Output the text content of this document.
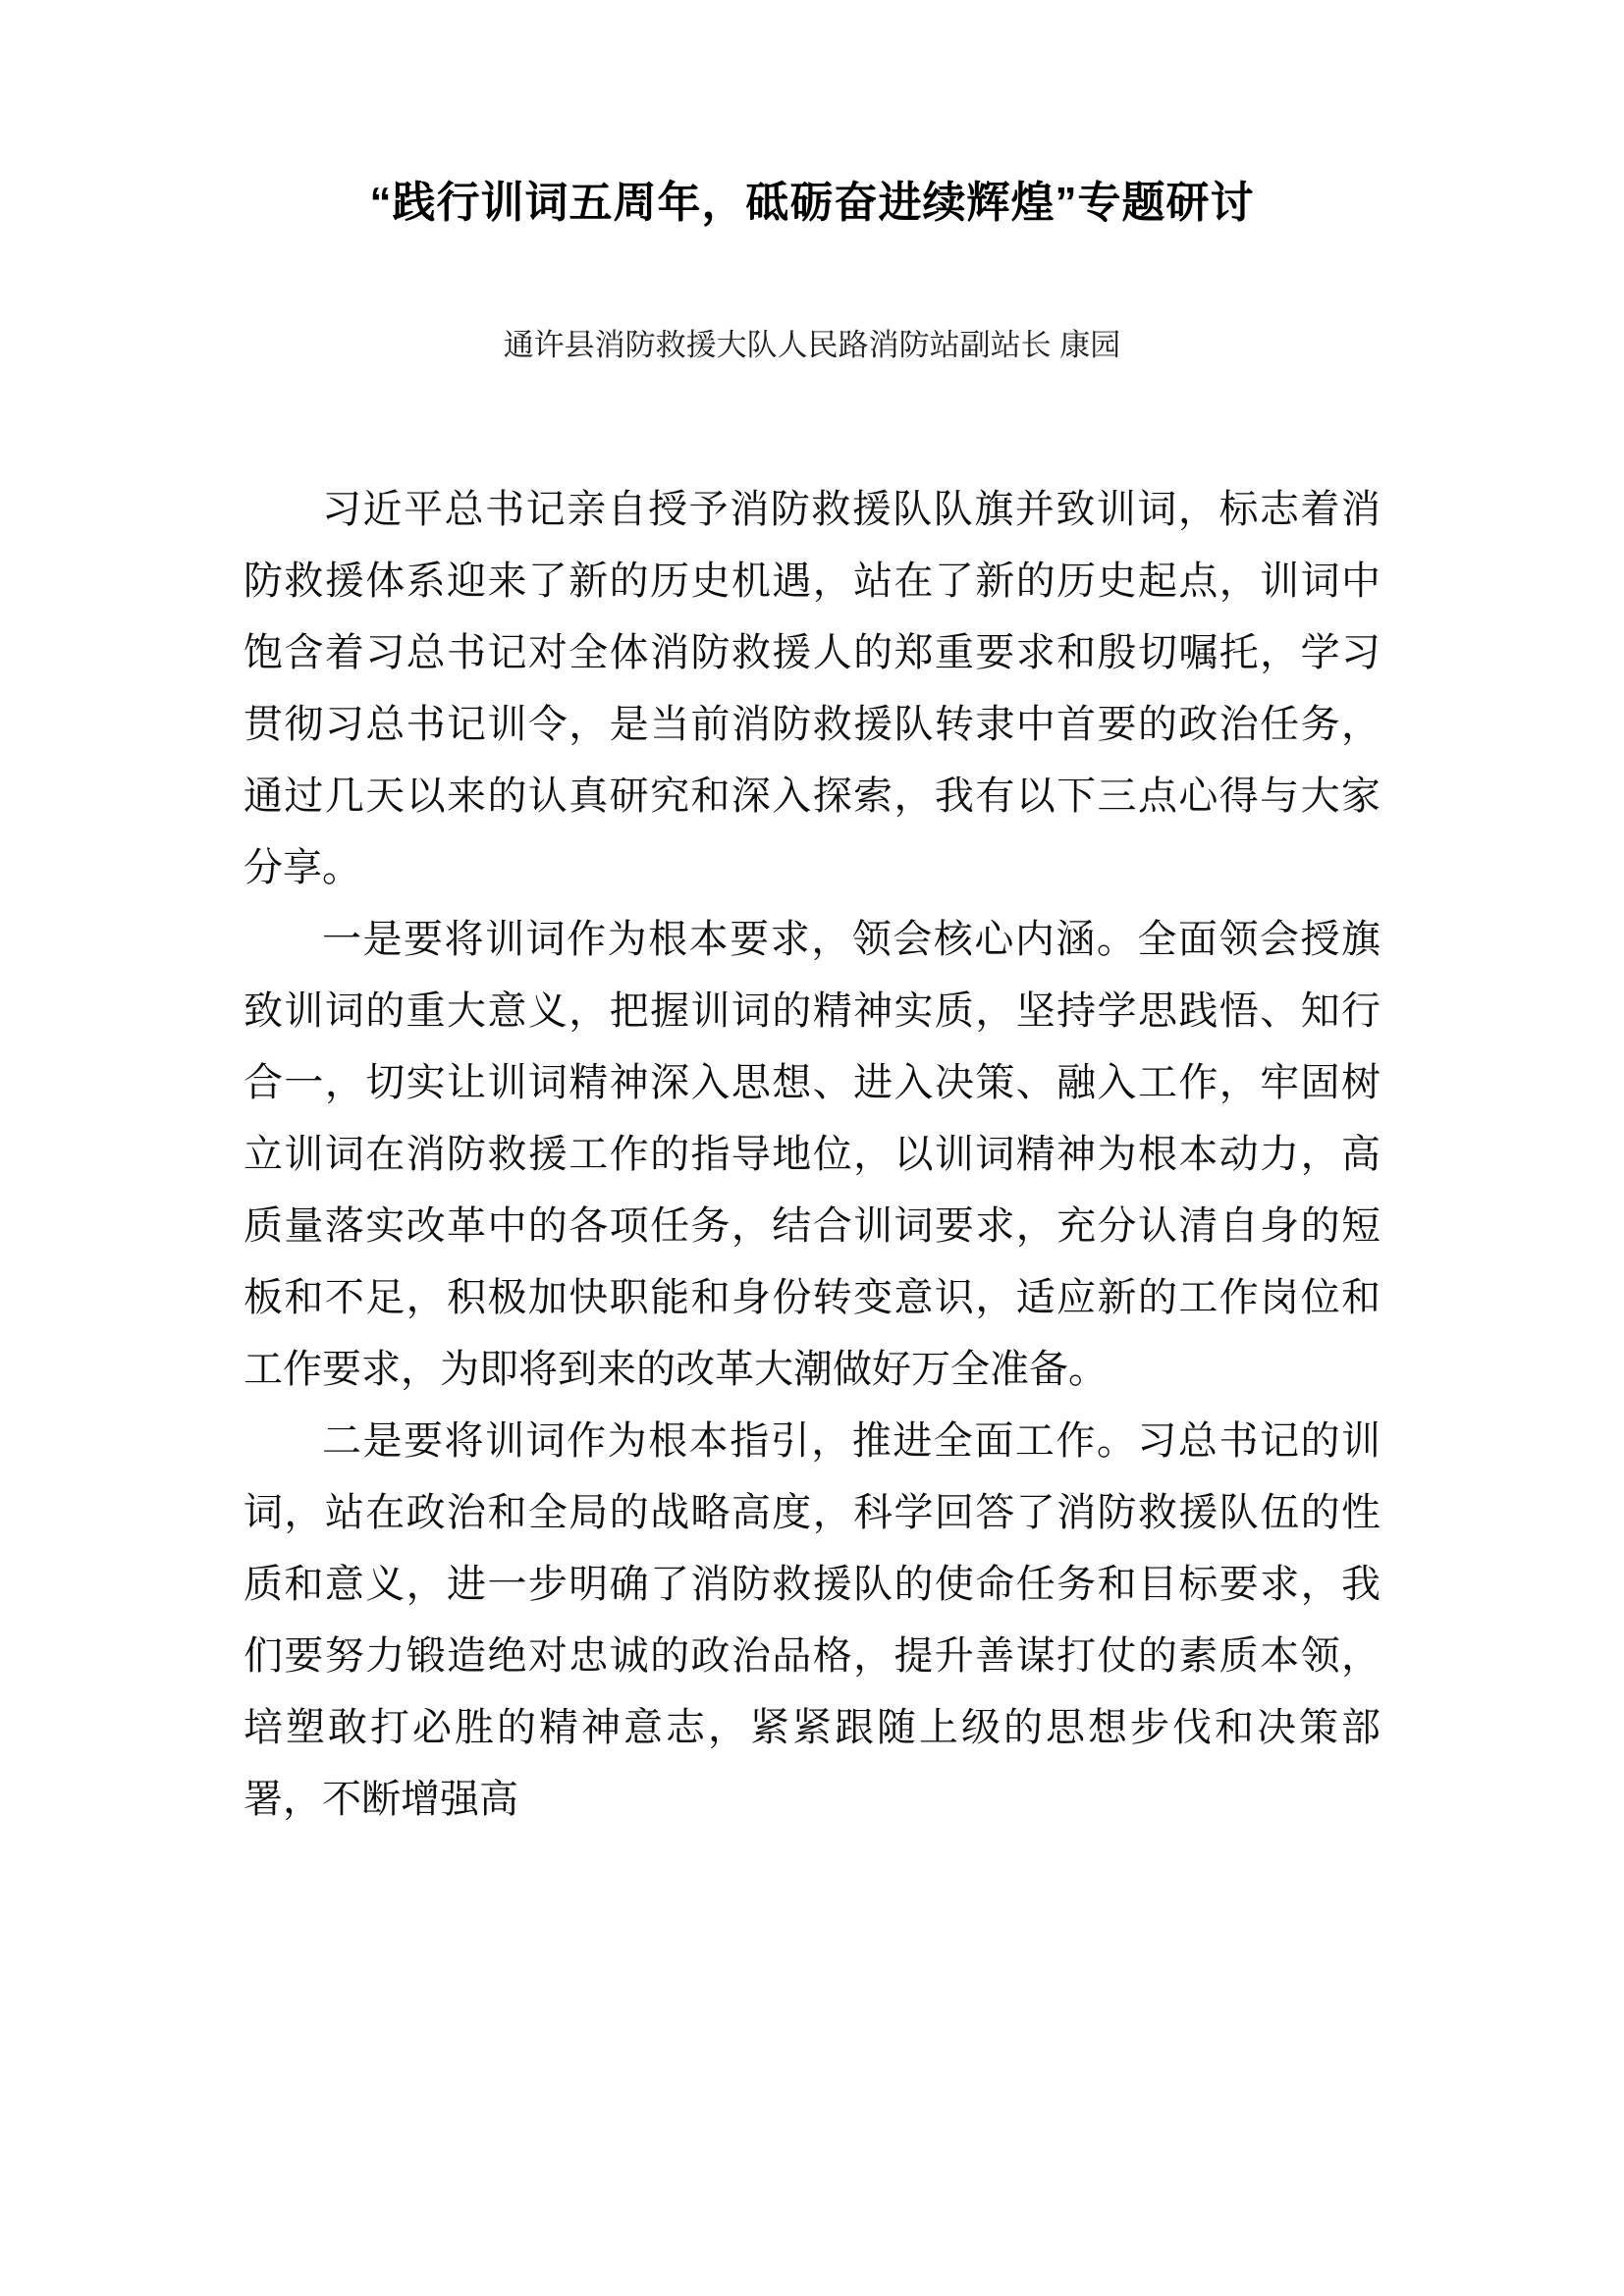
“践行训词五周年，砥砺奋进续辉煌”专题研讨

通许县消防救援大队人民路消防站副站长 康园

习近平总书记亲自授予消防救援队队旗并致训词，标志着消防救援体系迎来了新的历史机遇，站在了新的历史起点，训词中饱含着习总书记对全体消防救援人的郑重要求和殷切嘱托，学习贯彻习总书记训令，是当前消防救援队转隶中首要的政治任务，通过几天以来的认真研究和深入探索，我有以下三点心得与大家分享。

一是要将训词作为根本要求，领会核心内涵。全面领会授旗致训词的重大意义，把握训词的精神实质，坚持学思践悟、知行合一，切实让训词精神深入思想、进入决策、融入工作，牢固树立训词在消防救援工作的指导地位，以训词精神为根本动力，高质量落实改革中的各项任务，结合训词要求，充分认清自身的短板和不足，积极加快职能和身份转变意识，适应新的工作岗位和工作要求，为即将到来的改革大潮做好万全准备。

二是要将训词作为根本指引，推进全面工作。习总书记的训词，站在政治和全局的战略高度，科学回答了消防救援队伍的性质和意义，进一步明确了消防救援队的使命任务和目标要求，我们要努力锻造绝对忠诚的政治品格，提升善谋打仗的素质本领，培塑敢打必胜的精神意志，紧紧跟随上级的思想步伐和决策部署，不断增强高
